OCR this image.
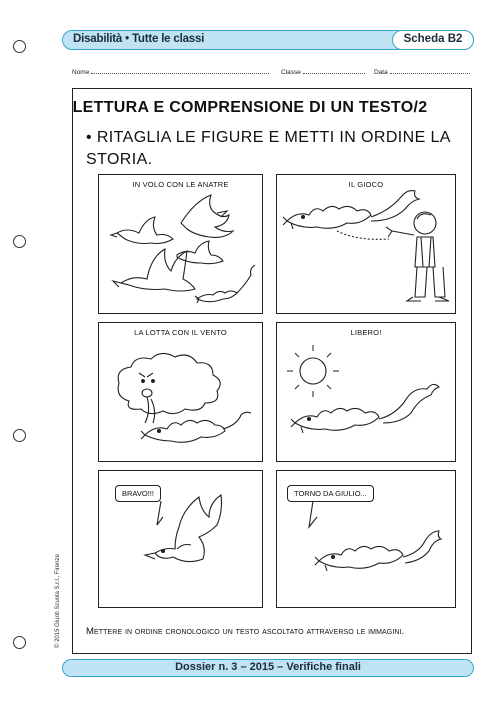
Disabilità • Tutte le classi	Scheda B2
Nome	Classe	Data
LETTURA E COMPRENSIONE DI UN TESTO/2
• RITAGLIA LE FIGURE E METTI IN ORDINE LA STORIA.
IN VOLO CON LE ANATRE	IL GIOCO
LA LOTTA CON IL VENTO	LIBERO!
BRAVO!!!	TORNO DA GIULIO...
Mettere in ordine cronologico un testo ascoltato attraverso le immagini.
© 2015 Giunti Scuola S.r.l., Firenze
Dossier n. 3 – 2015 – Verifiche finali
